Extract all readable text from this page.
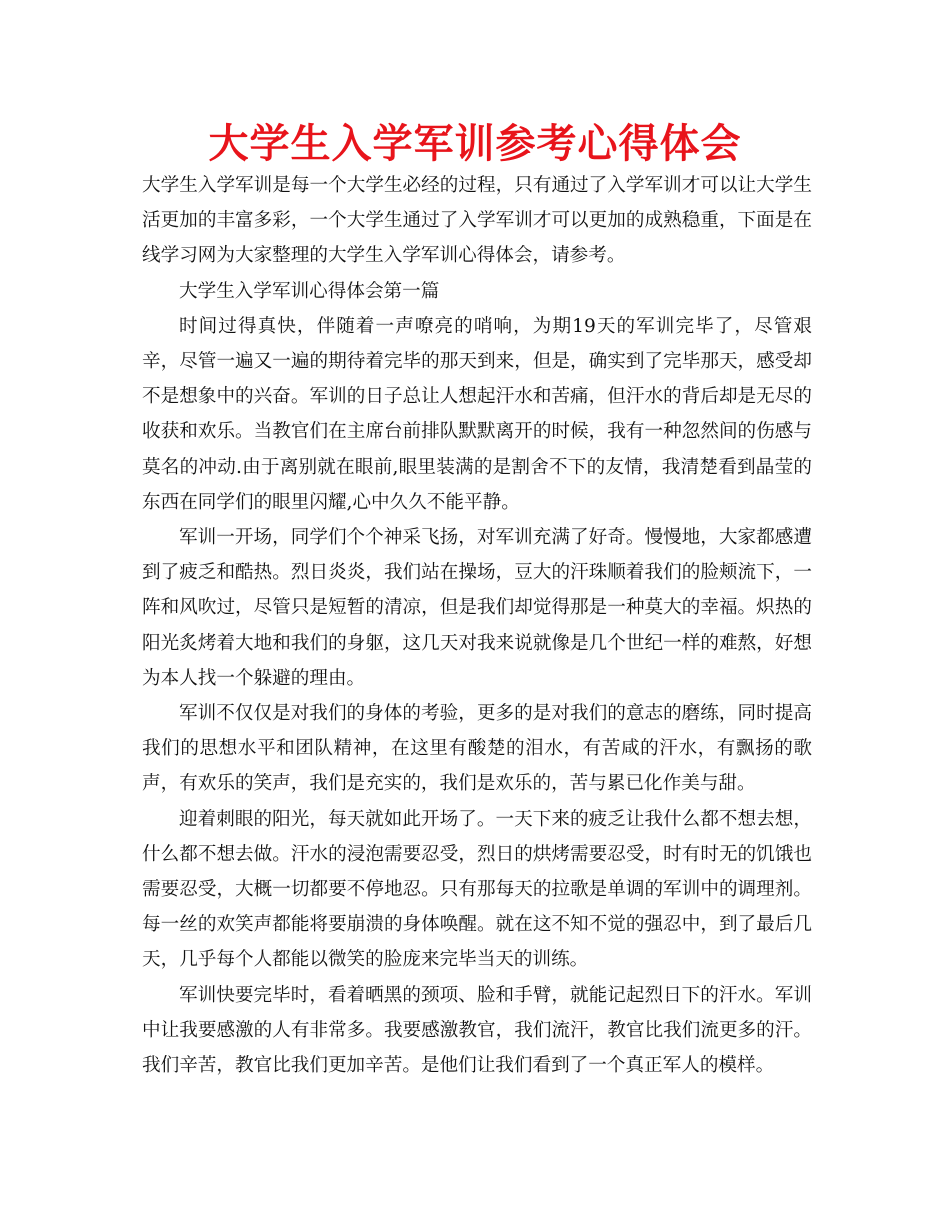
大学生入学军训参考心得体会

大学生入学军训是每一个大学生必经的过程，只有通过了入学军训才可以让大学生活更加的丰富多彩，一个大学生通过了入学军训才可以更加的成熟稳重，下面是在线学习网为大家整理的大学生入学军训心得体会，请参考。

大学生入学军训心得体会第一篇

时间过得真快，伴随着一声嘹亮的哨响，为期19天的军训完毕了，尽管艰辛，尽管一遍又一遍的期待着完毕的那天到来，但是，确实到了完毕那天，感受却不是想象中的兴奋。军训的日子总让人想起汗水和苦痛，但汗水的背后却是无尽的收获和欢乐。当教官们在主席台前排队默默离开的时候，我有一种忽然间的伤感与莫名的冲动.由于离别就在眼前,眼里装满的是割舍不下的友情，我清楚看到晶莹的东西在同学们的眼里闪耀,心中久久不能平静。

军训一开场，同学们个个神采飞扬，对军训充满了好奇。慢慢地，大家都感遭到了疲乏和酷热。烈日炎炎，我们站在操场，豆大的汗珠顺着我们的脸颊流下，一阵和风吹过，尽管只是短暂的清凉，但是我们却觉得那是一种莫大的幸福。炽热的阳光炙烤着大地和我们的身躯，这几天对我来说就像是几个世纪一样的难熬，好想为本人找一个躲避的理由。

军训不仅仅是对我们的身体的考验，更多的是对我们的意志的磨练，同时提高我们的思想水平和团队精神，在这里有酸楚的泪水，有苦咸的汗水，有飘扬的歌声，有欢乐的笑声，我们是充实的，我们是欢乐的，苦与累已化作美与甜。

迎着刺眼的阳光，每天就如此开场了。一天下来的疲乏让我什么都不想去想，什么都不想去做。汗水的浸泡需要忍受，烈日的烘烤需要忍受，时有时无的饥饿也需要忍受，大概一切都要不停地忍。只有那每天的拉歌是单调的军训中的调理剂。每一丝的欢笑声都能将要崩溃的身体唤醒。就在这不知不觉的强忍中，到了最后几天，几乎每个人都能以微笑的脸庞来完毕当天的训练。

军训快要完毕时，看着晒黑的颈项、脸和手臂，就能记起烈日下的汗水。军训中让我要感激的人有非常多。我要感激教官，我们流汗，教官比我们流更多的汗。我们辛苦，教官比我们更加辛苦。是他们让我们看到了一个真正军人的模样。
